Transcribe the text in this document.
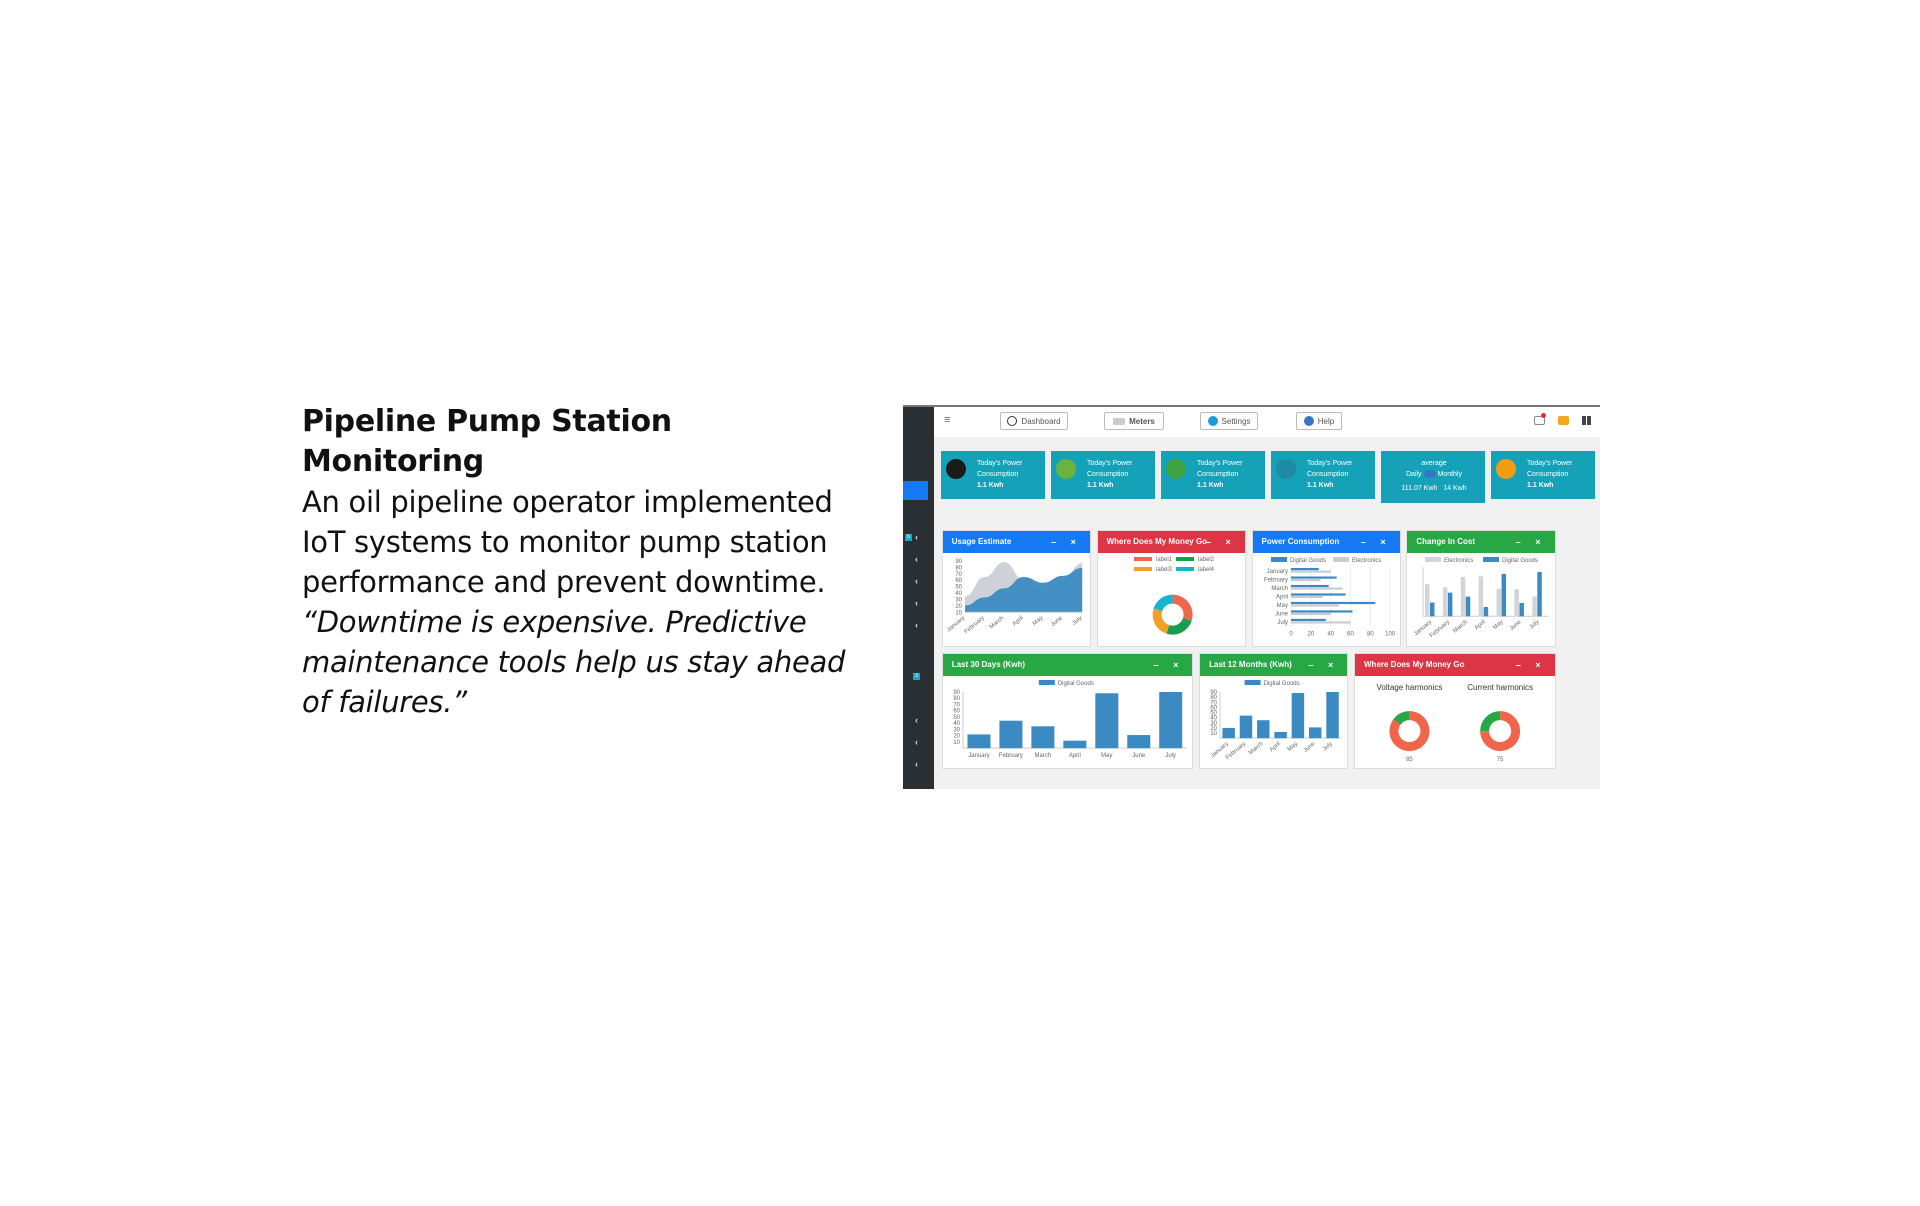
Pipeline Pump Station Monitoring

An oil pipeline operator implemented IoT systems to monitor pump station performance and prevent downtime.

“Downtime is expensive. Predictive maintenance tools help us stay ahead of failures.”

6 ‹
‹
‹
‹
‹
3
‹
‹
‹
≡	Dashboard	Meters	Settings	Help
Today's Power
Consumption
1.1 Kwh
Today's Power
Consumption
1.1 Kwh
Today's Power
Consumption
1.1 Kwh
Today's Power
Consumption
1.1 Kwh
average
Daily Monthly
111.07 Kwh 14 Kwh
Today's Power
Consumption
1.1 Kwh
Usage Estimate	– ×
90
80
70
60
50
40
30
20
10
January
February March April May June July
Where Does My Money Go
– ×
label1	label2
label3	label4
Power Consumption – ×
Digital Goods	Electronics
0 20 40 60 80 100
January
February
March
April
May
June
July
Change In Cost	– ×
Electronics	Digital Goods
January
February March April May June July
Last 30 Days (Kwh)	– ×
Digital Goods
90
80
70
60
50
40
30
20
10
January February March	April	May	June	July
Last 12 Months (Kwh) – ×
Digital Goods
90
80
70
60
50
40
30
20
10
January
February March April May June July
Where Does My Money Go	– ×
Voltage harmonics
85
Current harmonics
75
